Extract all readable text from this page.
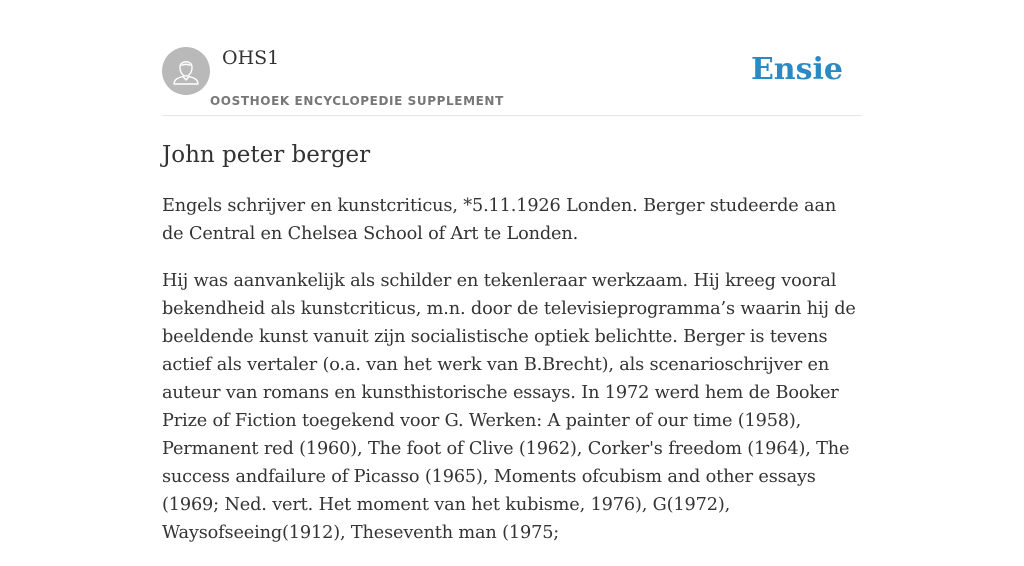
OHS1
OOSTHOEK ENCYCLOPEDIE SUPPLEMENT
Ensie
John peter berger

Engels schrijver en kunstcriticus, *5.11.1926 Londen. Berger studeerde aan de Central en Chelsea School of Art te Londen.

Hij was aanvankelijk als schilder en tekenleraar werkzaam. Hij kreeg vooral bekendheid als kunstcriticus, m.n. door de televisieprogramma’s waarin hij de beeldende kunst vanuit zijn socialistische optiek belichtte. Berger is tevens actief als vertaler (o.a. van het werk van B.Brecht), als scenarioschrijver en auteur van romans en kunsthistorische essays. In 1972 werd hem de Booker Prize of Fiction toegekend voor G. Werken: A painter of our time (1958), Permanent red (1960), The foot of Clive (1962), Corker's freedom (1964), The success andfailure of Picasso (1965), Moments ofcubism and other essays (1969; Ned. vert. Het moment van het kubisme, 1976), G(1972), Waysofseeing(1912), Theseventh man (1975;
